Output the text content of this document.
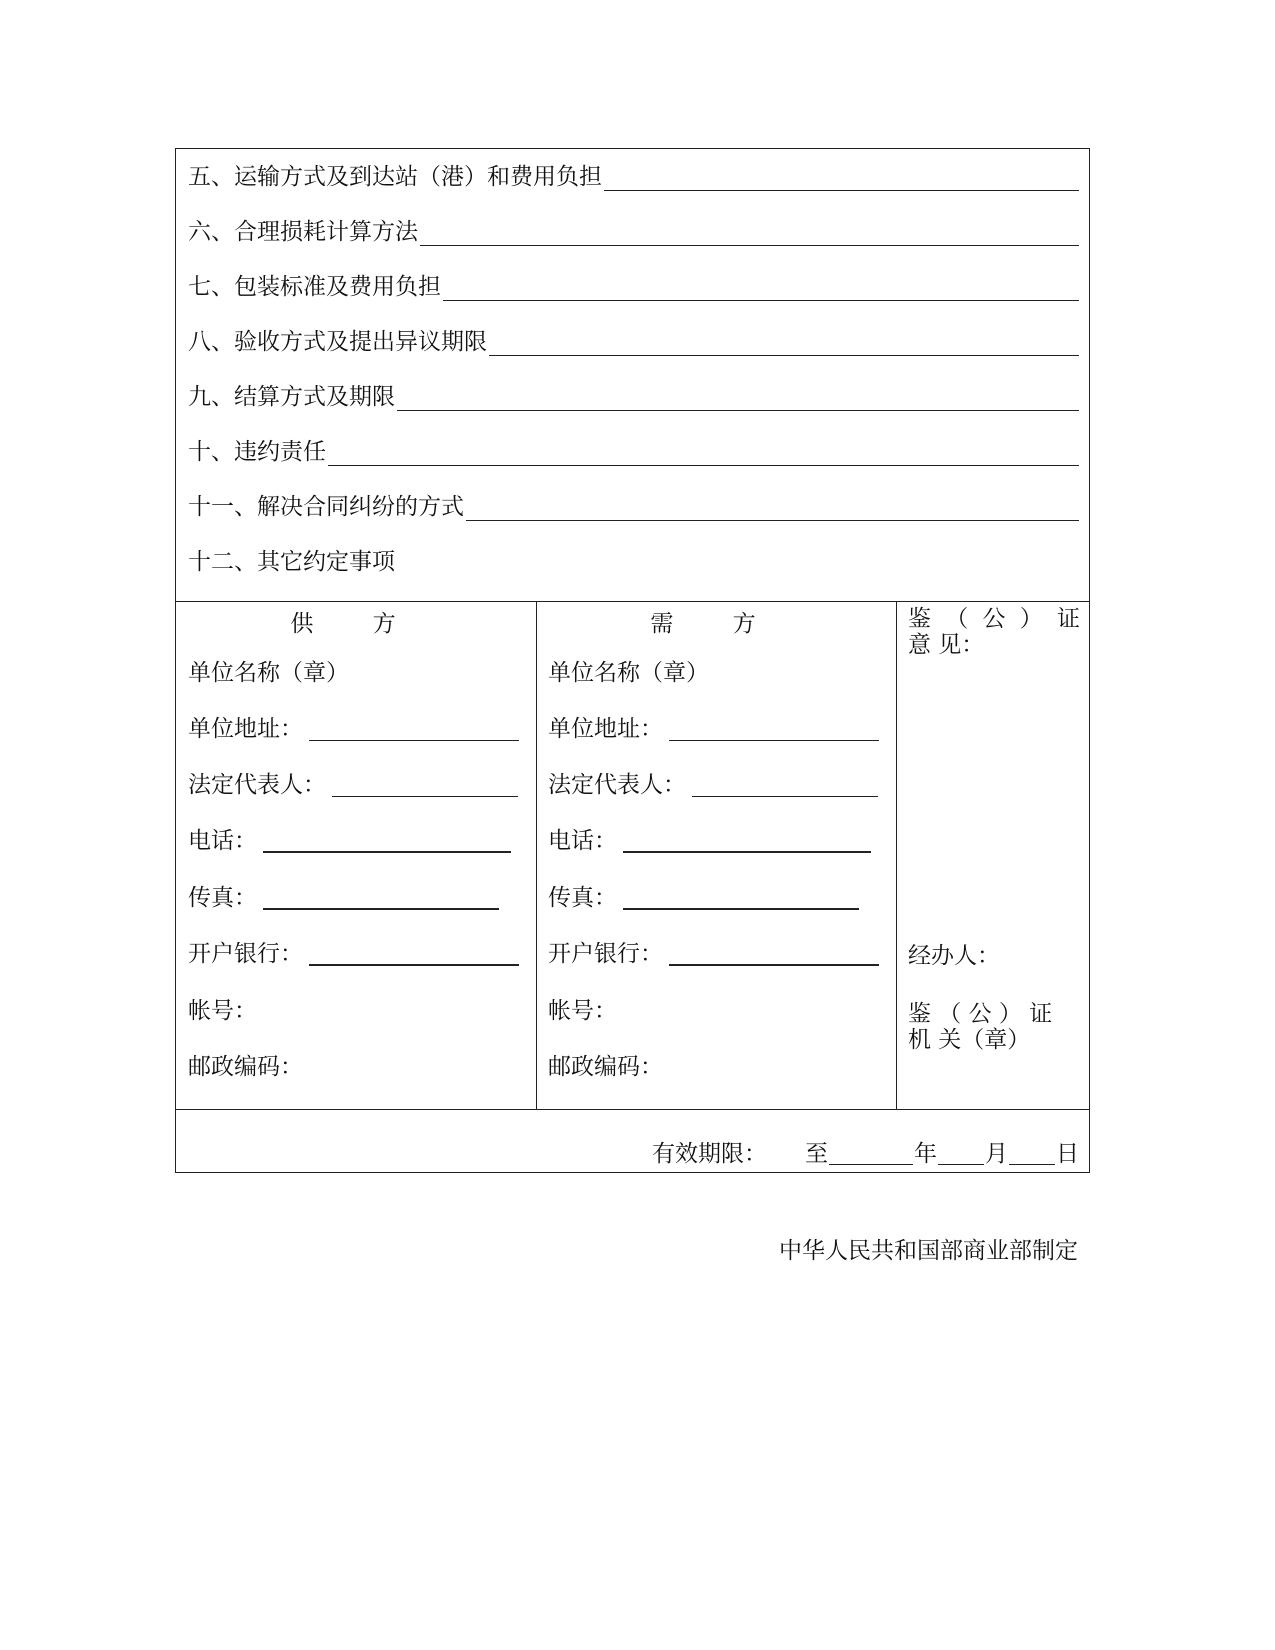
五、运输方式及到达站（港）和费用负担
六、合理损耗计算方法
七、包装标准及费用负担
八、验收方式及提出异议期限
九、结算方式及期限
十、违约责任
十一、解决合同纠纷的方式
十二、其它约定事项
供 方
单位名称（章）
单位地址：
法定代表人：
电话：
传真：
开户银行：
帐号：
邮政编码：
需 方
单位名称（章）
单位地址：
法定代表人：
电话：
传真：
开户银行：
帐号：
邮政编码：
鉴 （ 公 ） 证 意 见：
经办人：
鉴 （ 公 ） 证 机 关（章）
有效期限： 至	年 月 日
中华人民共和国部商业部制定
